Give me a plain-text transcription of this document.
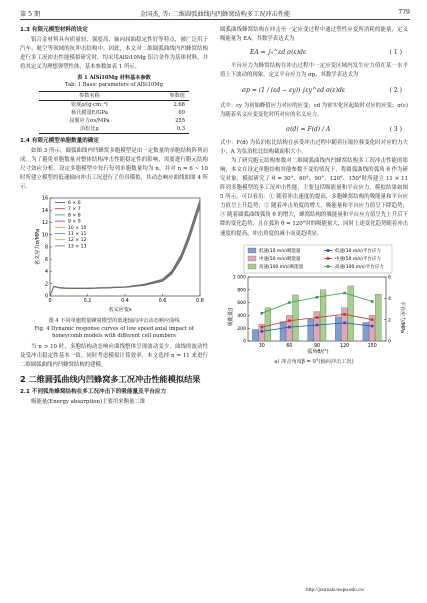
第 5 期	金国杰, 等: 二维圆弧曲线内凹蜂窝结构多工况冲击性能	779
1.3 有限元模型材料的设定

铝合金材料具有质量轻、强度高、轴向屈曲稳定性好等特点，被广泛用于汽车、航空等领域的抗冲击结构中。因此，本文对二维圆弧曲线内凹蜂窝结构进行多工况冲击性能模拟研究时，均采用AlSi10Mg 铝合金作为基体材料，并将其定义为理想弹塑性体，基本参数如表 1 所示。

表 1 AlSi10Mg 材料基本参数
Tab. 1 Basic parameters of AlSi10Mg
参数名称	参数值
密度ρ/(g·cm⁻³)	2.68
杨氏模量E/GPa	69
屈服应力σs/MPa	255
泊松比μ	0.3
1.4 有限元模型单胞数量的确定

如图 3 所示，圆弧曲线内凹蜂窝多胞模型是由一定数量的单胞结构阵列而成。为了避免单胞数量对整体结构冲击性能稳定性的影响，需要进行胞元结构尺寸效应分析。设定多胞模型中每行每列单胞数量均为 n，并对 n = 6 ~ 10 时所建立模型的低速轴向冲击工况进行了仿真模拟，其动态响应曲线如图 4 所示。

0	0.2	0.4	0.6	0.8
0
2
4
6
8
10
12
14
16
6 × 6
7 × 7
8 × 8
9 × 9
10 × 10
11 × 11
12 × 12
13 × 13
名义应变ε
名义应力σ/MPa
图 4 不同单胞数量蜂窝模型的低速轴向冲击动态响应曲线
Fig. 4 Dynamic response curves of low speed axial impact of
honeycomb models with different cell numbers

当 n > 10 时，多胞结构动态响应曲线整体呈现波动变少，曲线的波动性及受冲击稳定性基本一致。同时考虑模拟计算效率，本文选择 n = 11 来进行二维圆弧曲线内凹蜂窝结构的建模。

2 二维圆弧曲线内凹蜂窝多工况冲击性能模拟结果
2.1 不同弧角蜂窝结构在多工况冲击下的吸能量及平台应力

吸能量(Energy absorption)主要用来衡量二维

圆弧曲线蜂窝结构在冲击至一定应变过程中通过塑性应变所消耗的能量，定义吸能量为 EA，其数学表达式为

EA = ∫₀^εd σ(ε)dε	( 1 )

平台应力为蜂窝结构在冲击过程中一定应变区域内发生应力值在某一水平值上下波动的现象，定义平台应力为 σp，其数学表达式为

σp = (1 / (εd − εy)) ∫εy^εd σ(ε)dε	( 2 )

式中：εy 为初始峰值应力对应的应变；εd 为密实化区起始时对应的应变；σ(ε)为随着名义应变变化时所对应的名义应力。

σ(d) = F(d) / A	( 3 )

式中：F(d) 为负泊松比结构在承受冲击过程中随着压缩位移变化时对应的力大小；A 为负泊松比结构截面积大小。

为了研究胞元结构参数对二维圆弧曲线内凹蜂窝结构多工况冲击性能的影响，本文在设定单胞结构其他参数不变的情况下，将圆弧曲线的弧角 θ 作为研究对象，模拟研究了 θ = 30°、60°、90°、120°、150°时所建立 11 × 11 阵列多胞模型的多工况冲击性能，主要包括吸能量和平台应力，模拟结果如图 5 所示。可以看出：① 随着冲击速度的提高，多胞蜂窝结构的吸能量和平台应力值呈上升趋势；② 随着冲击角度的增大，吸能量和平台应力值呈下降趋势；③ 随着圆弧曲线弧角 θ 的增大，蜂窝结构的吸能量和平台应力值呈先上升后下降的变化趋势，且在弧角 θ = 120°时的吸能量大，同时上述变化趋势随着冲击速度的提高、冲击角度的减小而更趋明显。

低速(10 m/s)吸能量
中速(50 m/s)吸能量
高速(100 m/s)吸能量
低速(10 m/s)平台应力
中速(50 m/s)平台应力
高速(100 m/s)平台应力
0
200
400
600
800
1 000
0
2
4
6
30	60	90	120	150
吸能量/J	平台应力/MPa
弧角θ/(°)
a) 冲击角度β = 0°(轴向冲击工况)
http://journals.nwpu.edu.cn/
